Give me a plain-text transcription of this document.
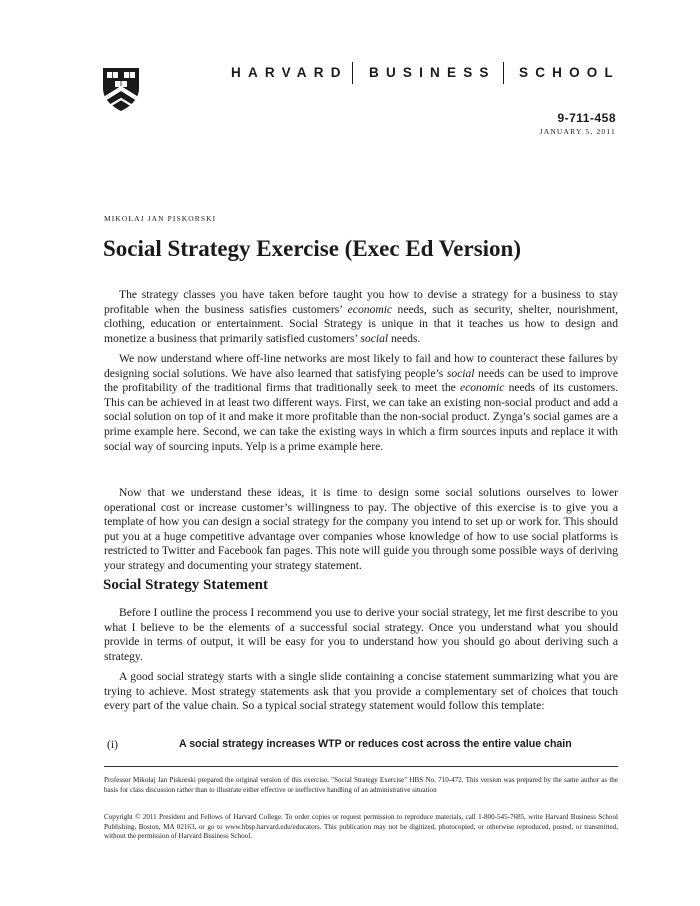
HARVARD BUSINESS SCHOOL
9-711-458
JANUARY 5, 2011
MIKOŁAJ JAN PISKORSKI
Social Strategy Exercise (Exec Ed Version)

The strategy classes you have taken before taught you how to devise a strategy for a business to stay profitable when the business satisfies customers’ economic needs, such as security, shelter, nourishment, clothing, education or entertainment. Social Strategy is unique in that it teaches us how to design and monetize a business that primarily satisfied customers’ social needs.

We now understand where off-line networks are most likely to fail and how to counteract these failures by designing social solutions. We have also learned that satisfying people’s social needs can be used to improve the profitability of the traditional firms that traditionally seek to meet the economic needs of its customers. This can be achieved in at least two different ways. First, we can take an existing non-social product and add a social solution on top of it and make it more profitable than the non-social product. Zynga’s social games are a prime example here. Second, we can take the existing ways in which a firm sources inputs and replace it with social way of sourcing inputs. Yelp is a prime example here.

Now that we understand these ideas, it is time to design some social solutions ourselves to lower operational cost or increase customer’s willingness to pay. The objective of this exercise is to give you a template of how you can design a social strategy for the company you intend to set up or work for. This should put you at a huge competitive advantage over companies whose knowledge of how to use social platforms is restricted to Twitter and Facebook fan pages. This note will guide you through some possible ways of deriving your strategy and documenting your strategy statement.

Social Strategy Statement

Before I outline the process I recommend you use to derive your social strategy, let me first describe to you what I believe to be the elements of a successful social strategy. Once you understand what you should provide in terms of output, it will be easy for you to understand how you should go about deriving such a strategy.

A good social strategy starts with a single slide containing a concise statement summarizing what you are trying to achieve. Most strategy statements ask that you provide a complementary set of choices that touch every part of the value chain. So a typical social strategy statement would follow this template:

(i)	A social strategy increases WTP or reduces cost across the entire value chain

Professor Mikołaj Jan Piskorski prepared the original version of this exercise, "Social Strategy Exercise" HBS No. 710-472. This version was prepared by the same author as the basis for class discussion rather than to illustrate either effective or ineffective handling of an administrative situation

Copyright © 2011 President and Fellows of Harvard College. To order copies or request permission to reproduce materials, call 1-800-545-7685, write Harvard Business School Publishing, Boston, MA 02163, or go to www.hbsp.harvard.edu/educators. This publication may not be digitized, photocopied, or otherwise reproduced, posted, or transmitted, without the permission of Harvard Business School.
